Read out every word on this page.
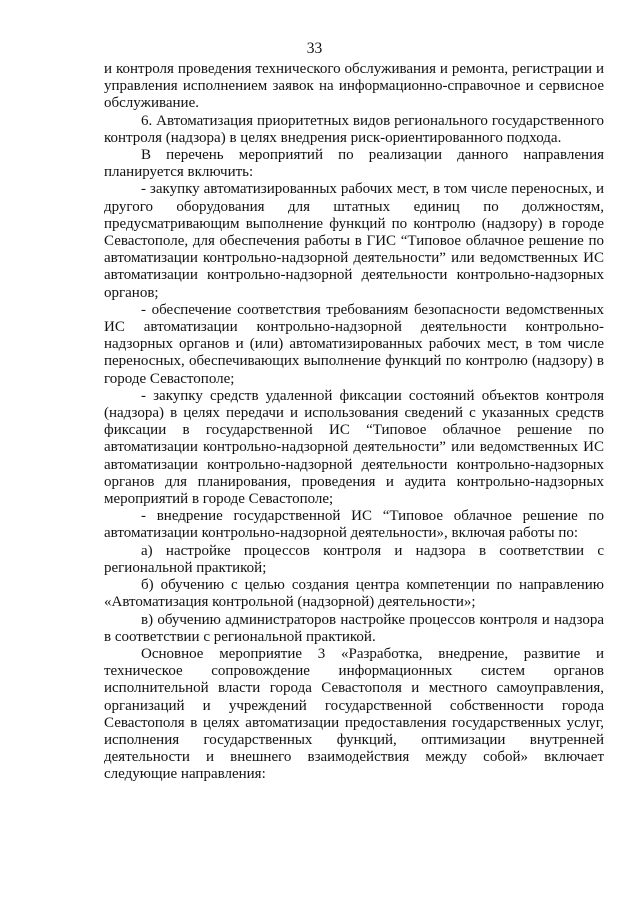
33

и контроля проведения технического обслуживания и ремонта, регистрации и управления исполнением заявок на информационно-справочное и сервисное обслуживание.

6. Автоматизация приоритетных видов регионального государственного контроля (надзора) в целях внедрения риск-ориентированного подхода.

В перечень мероприятий по реализации данного направления планируется включить:

- закупку автоматизированных рабочих мест, в том числе переносных, и другого оборудования для штатных единиц по должностям, предусматривающим выполнение функций по контролю (надзору) в городе Севастополе, для обеспечения работы в ГИС “Типовое облачное решение по автоматизации контрольно-надзорной деятельности” или ведомственных ИС автоматизации контрольно-надзорной деятельности контрольно-надзорных органов;

- обеспечение соответствия требованиям безопасности ведомственных ИС автоматизации контрольно-надзорной деятельности контрольно-надзорных органов и (или) автоматизированных рабочих мест, в том числе переносных, обеспечивающих выполнение функций по контролю (надзору) в городе Севастополе;

- закупку средств удаленной фиксации состояний объектов контроля (надзора) в целях передачи и использования сведений с указанных средств фиксации в государственной ИС “Типовое облачное решение по автоматизации контрольно-надзорной деятельности” или ведомственных ИС автоматизации контрольно-надзорной деятельности контрольно-надзорных органов для планирования, проведения и аудита контрольно-надзорных мероприятий в городе Севастополе;

- внедрение государственной ИС “Типовое облачное решение по автоматизации контрольно-надзорной деятельности», включая работы по:

а) настройке процессов контроля и надзора в соответствии с региональной практикой;

б) обучению с целью создания центра компетенции по направлению «Автоматизация контрольной (надзорной) деятельности»;

в) обучению администраторов настройке процессов контроля и надзора в соответствии с региональной практикой.

Основное мероприятие 3 «Разработка, внедрение, развитие и техническое сопровождение информационных систем органов исполнительной власти города Севастополя и местного самоуправления, организаций и учреждений государственной собственности города Севастополя в целях автоматизации предоставления государственных услуг, исполнения государственных функций, оптимизации внутренней деятельности и внешнего взаимодействия между собой» включает следующие направления:
